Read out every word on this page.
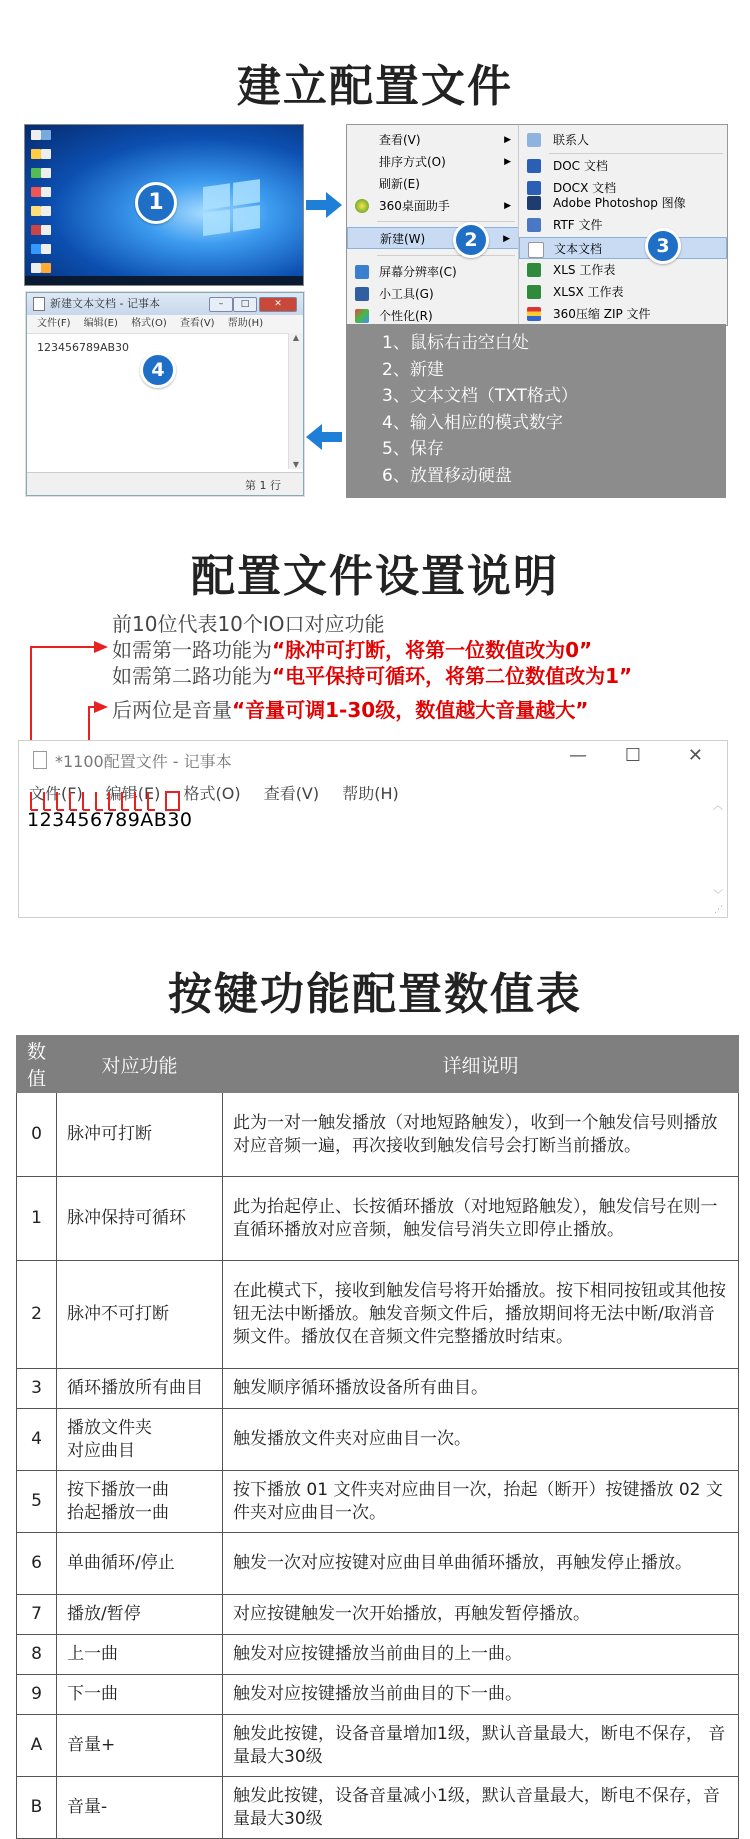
建立配置文件

1
查看(V)	▶
排序方式(O)	▶
刷新(E)
360桌面助手	▶
新建(W)	▶
屏幕分辨率(C)
小工具(G)
个性化(R)
2
联系人
DOC 文档
DOCX 文档
Adobe Photoshop 图像
RTF 文件
文本文档
XLS 工作表
XLSX 工作表
360压缩 ZIP 文件
3
1、鼠标右击空白处
2、新建
3、文本文档（TXT格式）
4、输入相应的模式数字
5、保存
6、放置移动硬盘
新建文本文档 - 记事本	–	□	✕
文件(F) 编辑(E) 格式(O) 查看(V) 帮助(H)
123456789AB30
▲
▼
第 1 行
4
配置文件设置说明
前10位代表10个IO口对应功能
如需第一路功能为“脉冲可打断，将第一位数值改为0”
如需第二路功能为“电平保持可循环，将第二位数值改为1”
后两位是音量“音量可调1-30级，数值越大音量越大”
*1100配置文件 - 记事本	— ☐	✕
文件(F) 编辑(E) 格式(O) 查看(V) 帮助(H)
123456789AB30
︿
﹀
⋰
按键功能配置数值表
数值	对应功能	详细说明
0	脉冲可打断	此为一对一触发播放（对地短路触发），收到一个触发信号则播放对应音频一遍，再次接收到触发信号会打断当前播放。
1	脉冲保持可循环	此为抬起停止、长按循环播放（对地短路触发），触发信号在则一直循环播放对应音频，触发信号消失立即停止播放。
2	脉冲不可打断	在此模式下，接收到触发信号将开始播放。按下相同按钮或其他按钮无法中断播放。触发音频文件后，播放期间将无法中断/取消音频文件。播放仅在音频文件完整播放时结束。
3	循环播放所有曲目	触发顺序循环播放设备所有曲目。
4	播放文件夹
对应曲目	触发播放文件夹对应曲目一次。
5	按下播放一曲
抬起播放一曲	按下播放 01 文件夹对应曲目一次，抬起（断开）按键播放 02 文件夹对应曲目一次。
6	单曲循环/停止	触发一次对应按键对应曲目单曲循环播放，再触发停止播放。
7	播放/暂停	对应按键触发一次开始播放，再触发暂停播放。
8	上一曲	触发对应按键播放当前曲目的上一曲。
9	下一曲	触发对应按键播放当前曲目的下一曲。
A	音量+	触发此按键，设备音量增加1级，默认音量最大，断电不保存， 音量最大30级
B	音量-	触发此按键，设备音量减小1级，默认音量最大，断电不保存，音量最大30级
